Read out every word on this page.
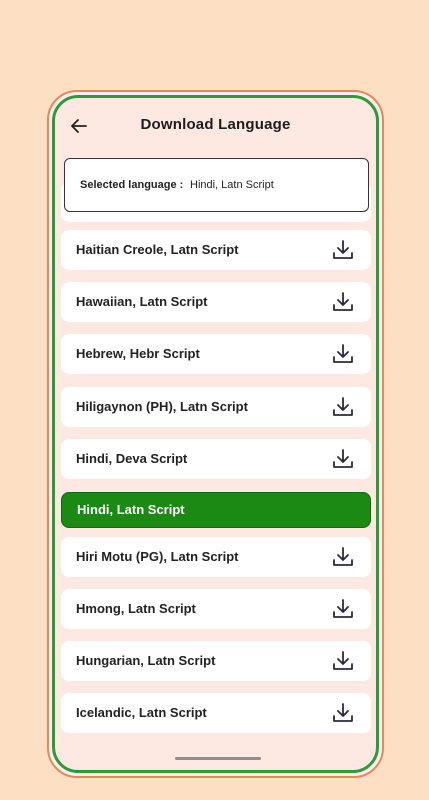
Download Language
Selected language : Hindi, Latn Script
Haitian Creole, Latn Script
Hawaiian, Latn Script
Hebrew, Hebr Script
Hiligaynon (PH), Latn Script
Hindi, Deva Script
Hindi, Latn Script
Hiri Motu (PG), Latn Script
Hmong, Latn Script
Hungarian, Latn Script
Icelandic, Latn Script
